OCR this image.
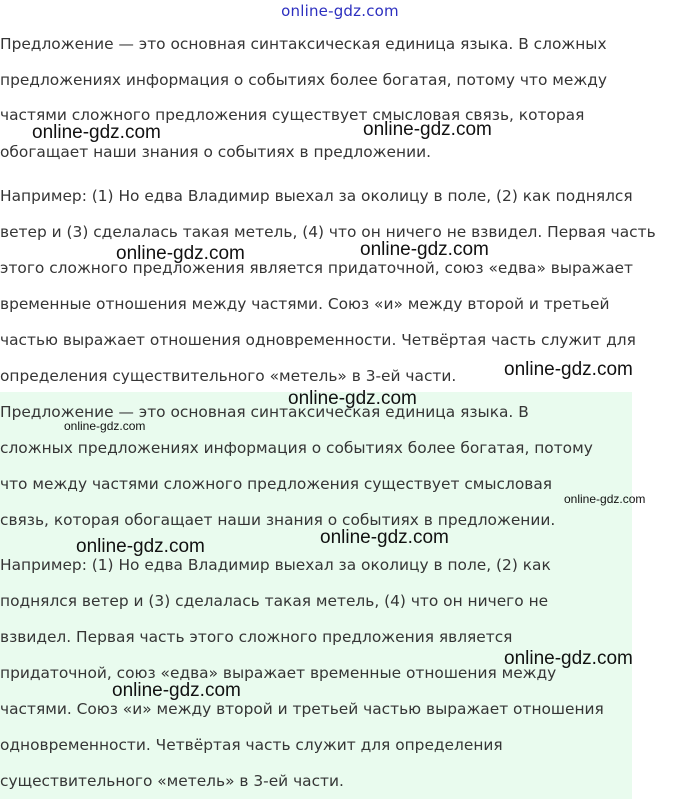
online-gdz.com
Предложение — это основная синтаксическая единица языка. В сложных
предложениях информация о событиях более богатая, потому что между
частями сложного предложения существует смысловая связь, которая
обогащает наши знания о событиях в предложении.
Например: (1) Но едва Владимир выехал за околицу в поле, (2) как поднялся
ветер и (3) сделалась такая метель, (4) что он ничего не взвидел. Первая часть
этого сложного предложения является придаточной, союз «едва» выражает
временные отношения между частями. Союз «и» между второй и третьей
частью выражает отношения одновременности. Четвёртая часть служит для
определения существительного «метель» в 3-ей части.
Предложение — это основная синтаксическая единица языка. В
сложных предложениях информация о событиях более богатая, потому
что между частями сложного предложения существует смысловая
связь, которая обогащает наши знания о событиях в предложении.
Например: (1) Но едва Владимир выехал за околицу в поле, (2) как
поднялся ветер и (3) сделалась такая метель, (4) что он ничего не
взвидел. Первая часть этого сложного предложения является
придаточной, союз «едва» выражает временные отношения между
частями. Союз «и» между второй и третьей частью выражает отношения
одновременности. Четвёртая часть служит для определения
существительного «метель» в 3-ей части.
online-gdz.com	online-gdz.com
online-gdz.com	online-gdz.com
online-gdz.com
online-gdz.com
online-gdz.com
online-gdz.com
online-gdz.com	online-gdz.com
online-gdz.com
online-gdz.com
